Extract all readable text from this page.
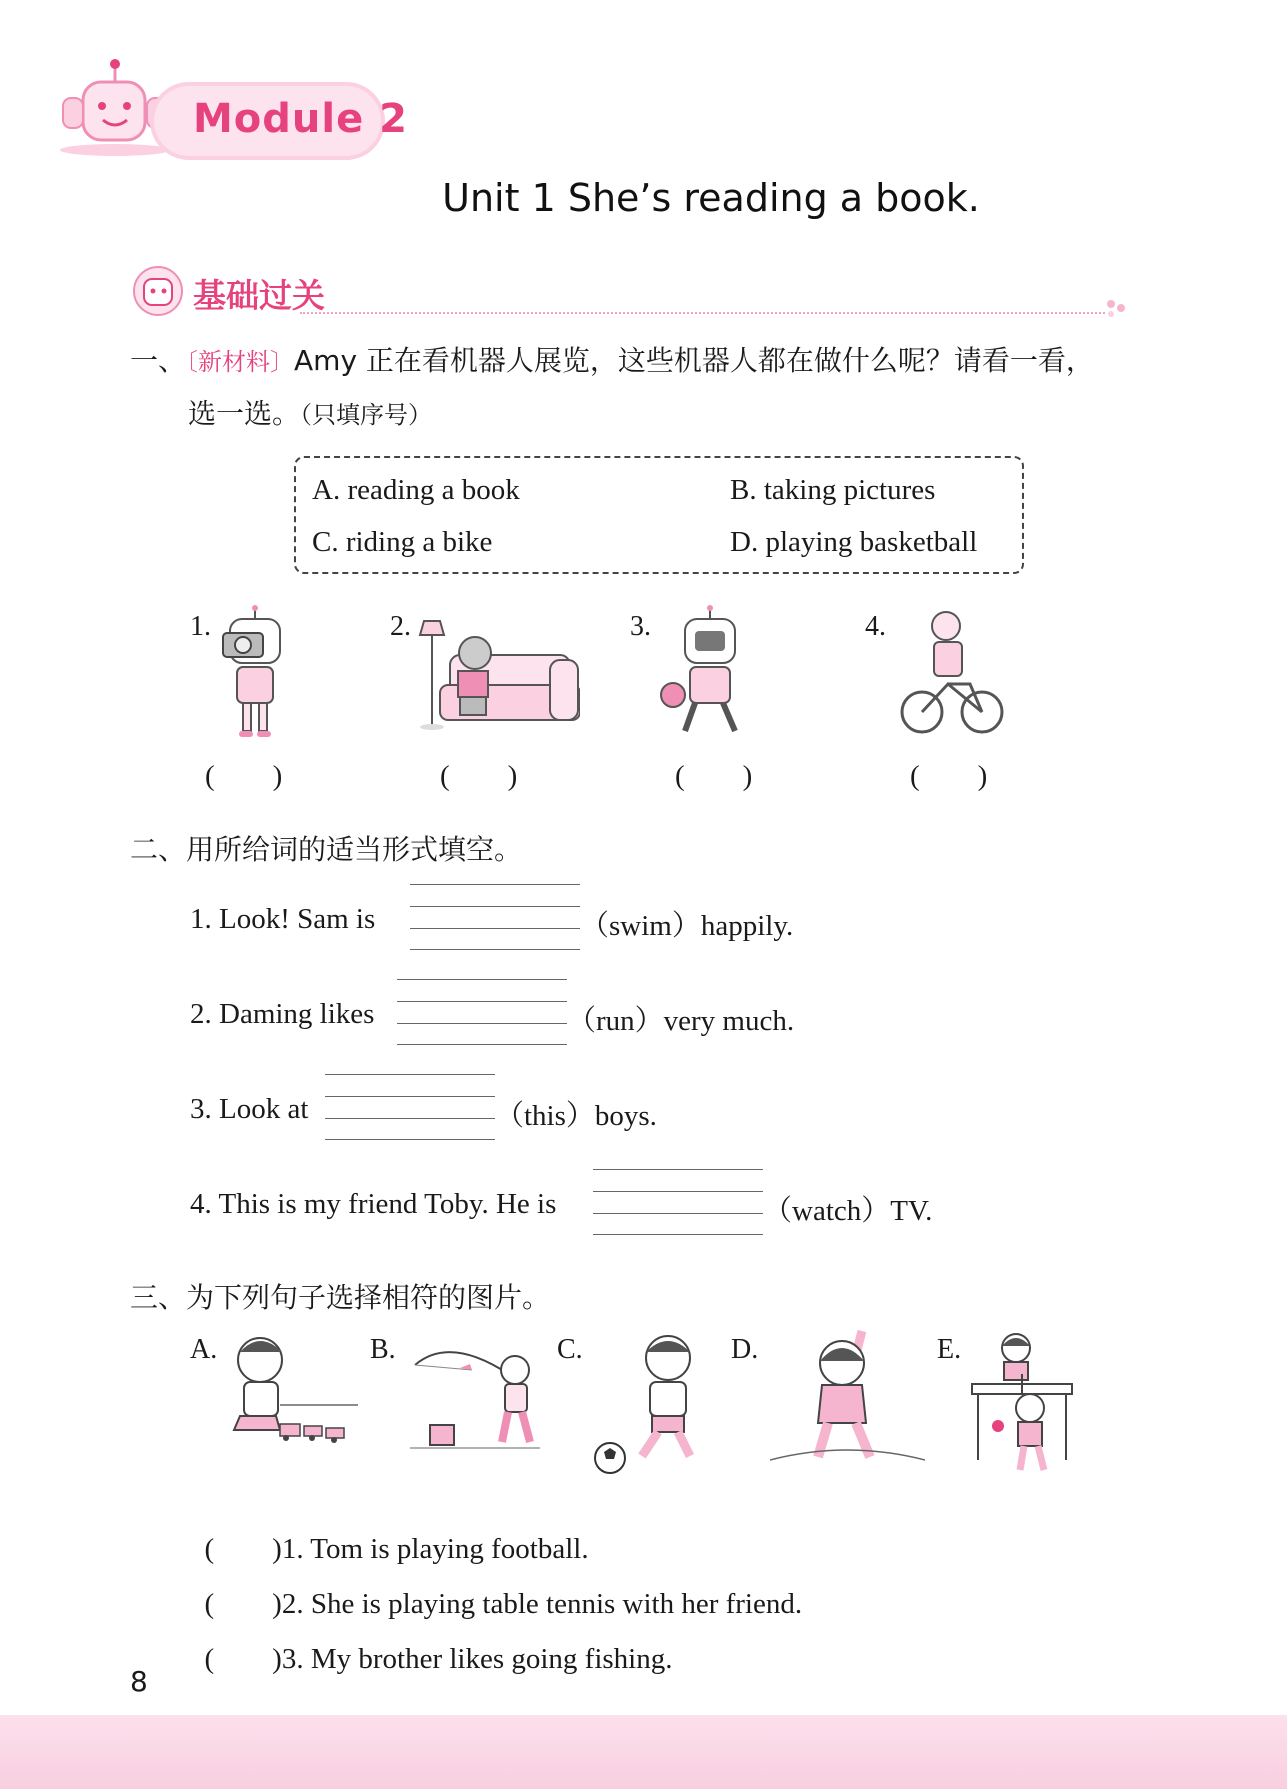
Module 2
Unit 1 She’s reading a book.
基础过关
一、〔新材料〕Amy 正在看机器人展览，这些机器人都在做什么呢？请看一看，
选一选。（只填序号）
A. reading a book	B. taking pictures
C. riding a bike	D. playing basketball
1.	2.	3.	4.
(        )	(        )	(        )	(        )
二、用所给词的适当形式填空。
1. Look! Sam is	（swim）happily.
2. Daming likes	（run）very much.
3. Look at	（this）boys.
4. This is my friend Toby. He is	（watch）TV.
三、为下列句子选择相符的图片。
A.	B.	C.	D.	E.

(        )1. Tom is playing football.

(        )2. She is playing table tennis with her friend.

(        )3. My brother likes going fishing.

8
